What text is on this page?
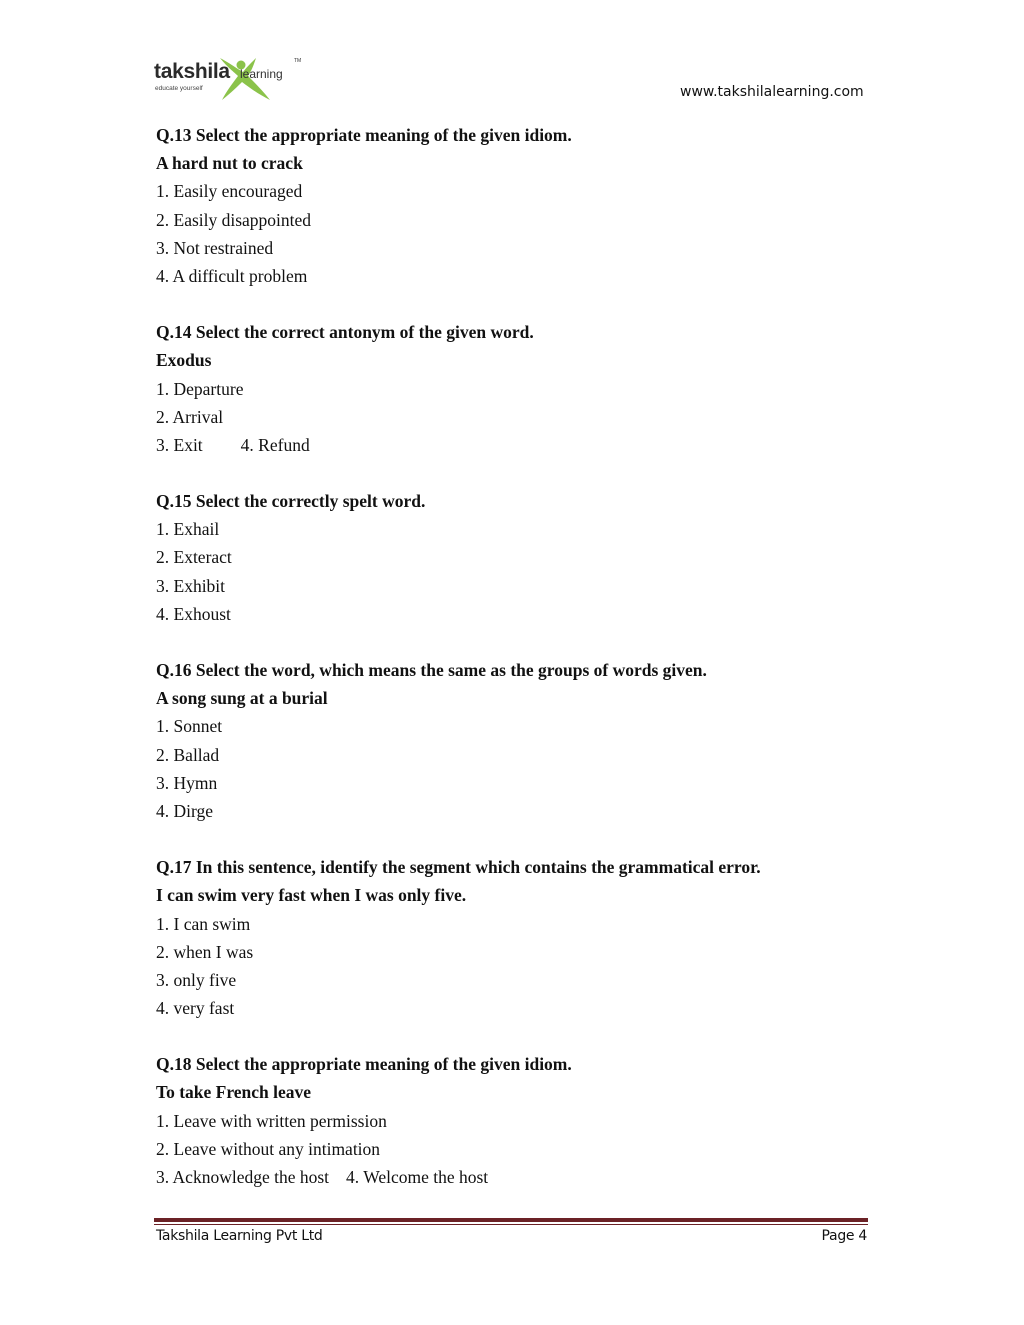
takshila
educate yourself
learning
TM
www.takshilalearning.com
Q.13 Select the appropriate meaning of the given idiom.
A hard nut to crack
1. Easily encouraged
2. Easily disappointed
3. Not restrained
4. A difficult problem
Q.14 Select the correct antonym of the given word.
Exodus
1. Departure
2. Arrival
3. Exit 4. Refund
Q.15 Select the correctly spelt word.
1. Exhail
2. Exteract
3. Exhibit
4. Exhoust
Q.16 Select the word, which means the same as the groups of words given.
A song sung at a burial
1. Sonnet
2. Ballad
3. Hymn
4. Dirge
Q.17 In this sentence, identify the segment which contains the grammatical error.
I can swim very fast when I was only five.
1. I can swim
2. when I was
3. only five
4. very fast
Q.18 Select the appropriate meaning of the given idiom.
To take French leave
1. Leave with written permission
2. Leave without any intimation
3. Acknowledge the host 4. Welcome the host
Takshila Learning Pvt Ltd	Page 4
